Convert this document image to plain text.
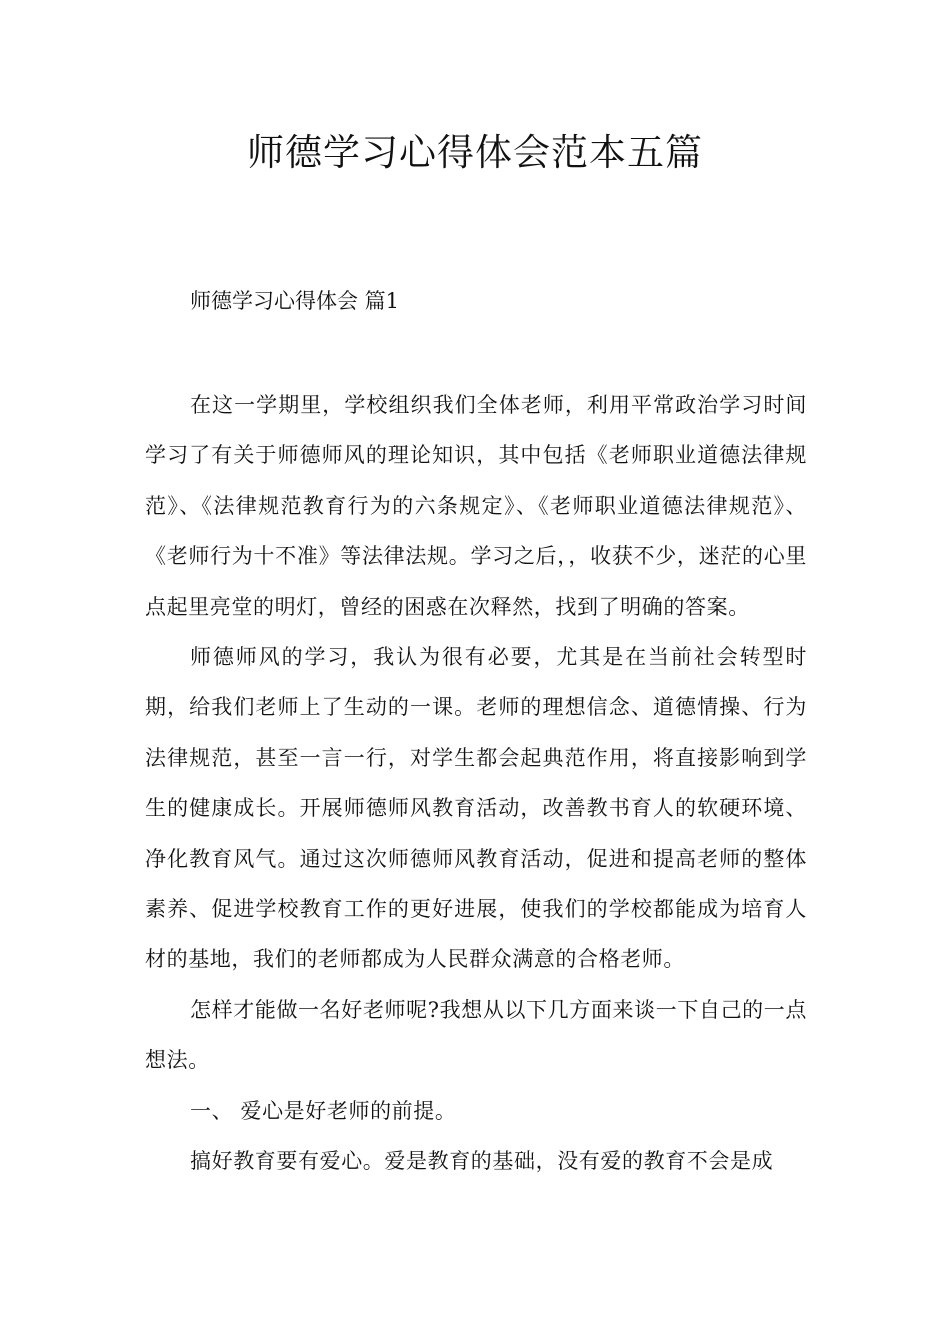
师德学习心得体会范本五篇

师德学习心得体会 篇1

在这一学期里，学校组织我们全体老师，利用平常政治学习时间学习了有关于师德师风的理论知识，其中包括《老师职业道德法律规范》、《法律规范教育行为的六条规定》、《老师职业道德法律规范》、《老师行为十不准》等法律法规。学习之后，，收获不少，迷茫的心里点起里亮堂的明灯，曾经的困惑在次释然，找到了明确的答案。

师德师风的学习，我认为很有必要，尤其是在当前社会转型时期，给我们老师上了生动的一课。老师的理想信念、道德情操、行为法律规范，甚至一言一行，对学生都会起典范作用，将直接影响到学生的健康成长。开展师德师风教育活动，改善教书育人的软硬环境、净化教育风气。通过这次师德师风教育活动，促进和提高老师的整体素养、促进学校教育工作的更好进展，使我们的学校都能成为培育人材的基地，我们的老师都成为人民群众满意的合格老师。

怎样才能做一名好老师呢?我想从以下几方面来谈一下自己的一点想法。

一、 爱心是好老师的前提。

搞好教育要有爱心。爱是教育的基础，没有爱的教育不会是成
